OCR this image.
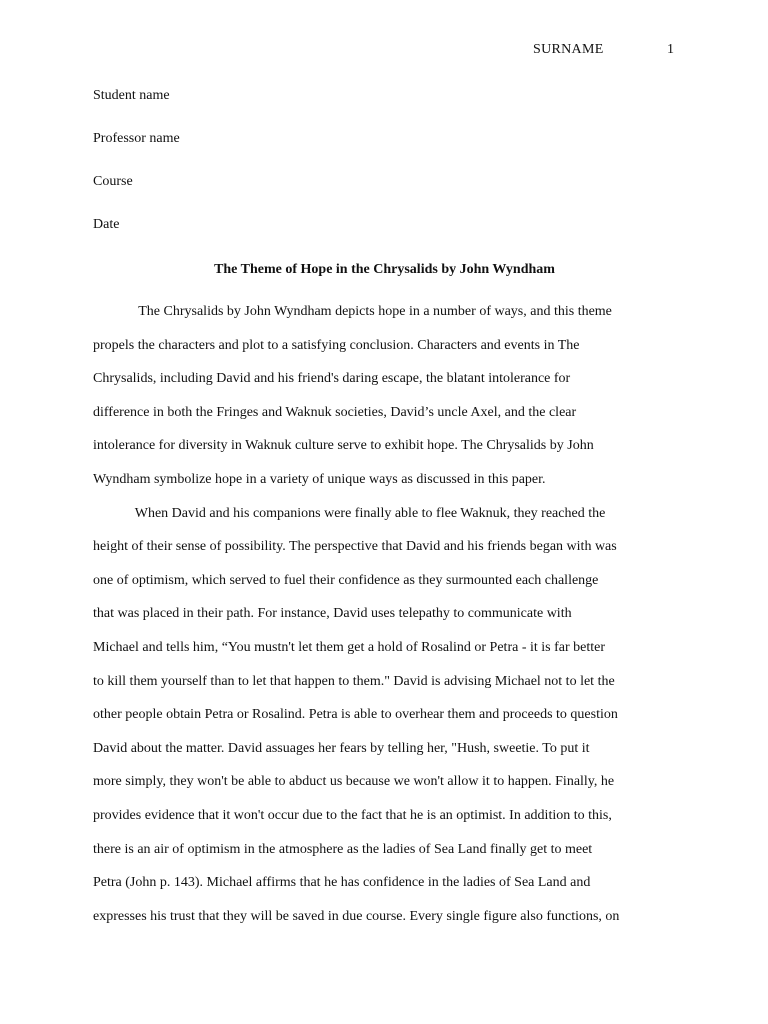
SURNAME	1
Student name
Professor name
Course
Date
The Theme of Hope in the Chrysalids by John Wyndham
The Chrysalids by John Wyndham depicts hope in a number of ways, and this theme
propels the characters and plot to a satisfying conclusion. Characters and events in The
Chrysalids, including David and his friend's daring escape, the blatant intolerance for
difference in both the Fringes and Waknuk societies, David’s uncle Axel, and the clear
intolerance for diversity in Waknuk culture serve to exhibit hope. The Chrysalids by John
Wyndham symbolize hope in a variety of unique ways as discussed in this paper.
When David and his companions were finally able to flee Waknuk, they reached the
height of their sense of possibility. The perspective that David and his friends began with was
one of optimism, which served to fuel their confidence as they surmounted each challenge
that was placed in their path. For instance, David uses telepathy to communicate with
Michael and tells him, “You mustn't let them get a hold of Rosalind or Petra - it is far better
to kill them yourself than to let that happen to them." David is advising Michael not to let the
other people obtain Petra or Rosalind. Petra is able to overhear them and proceeds to question
David about the matter. David assuages her fears by telling her, "Hush, sweetie. To put it
more simply, they won't be able to abduct us because we won't allow it to happen. Finally, he
provides evidence that it won't occur due to the fact that he is an optimist. In addition to this,
there is an air of optimism in the atmosphere as the ladies of Sea Land finally get to meet
Petra (John p. 143). Michael affirms that he has confidence in the ladies of Sea Land and
expresses his trust that they will be saved in due course. Every single figure also functions, on
